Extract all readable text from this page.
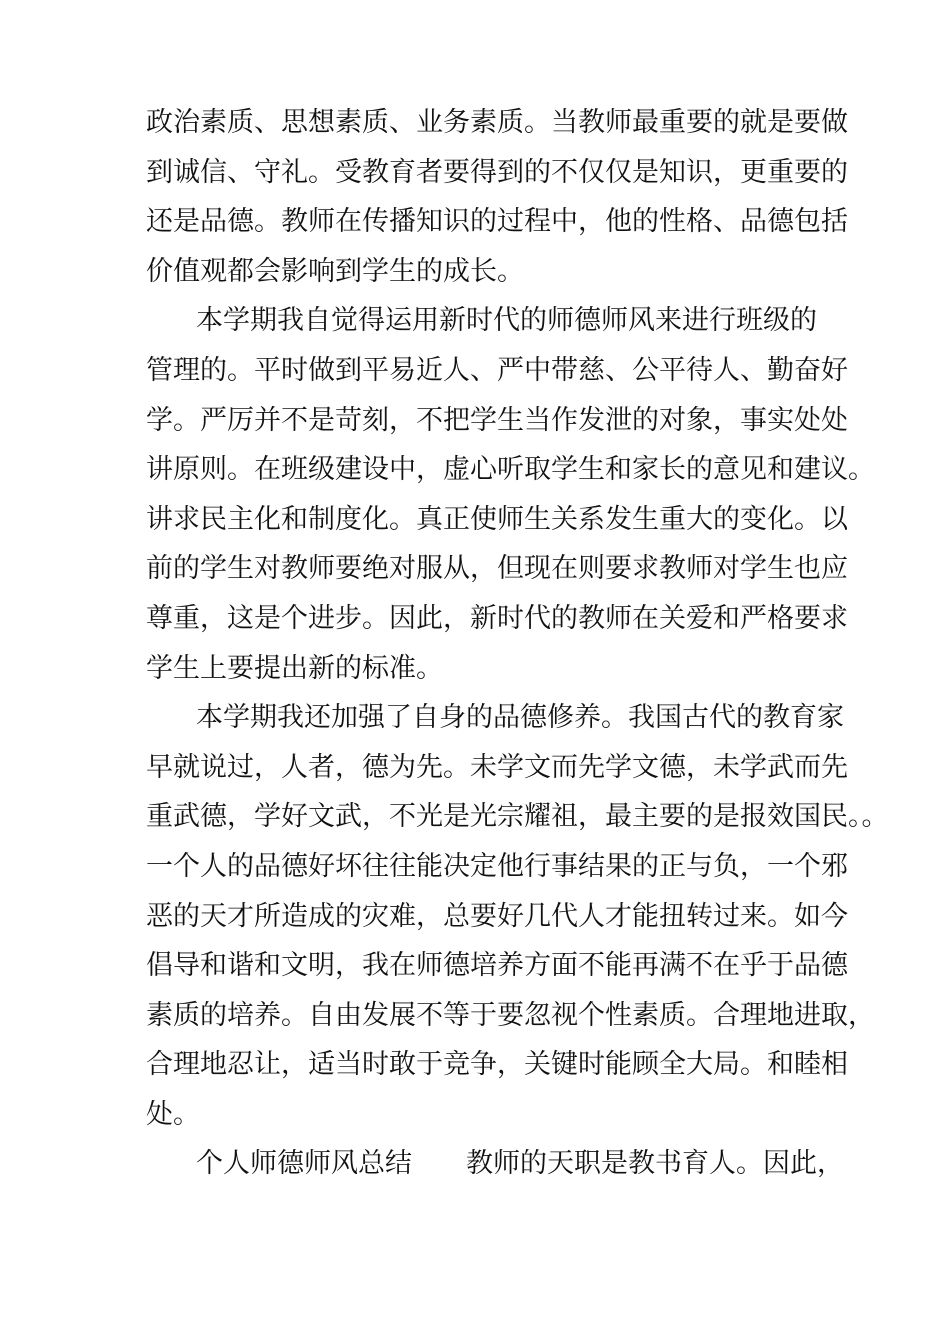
政治素质、思想素质、业务素质。当教师最重要的就是要做
到诚信、守礼。受教育者要得到的不仅仅是知识，更重要的
还是品德。教师在传播知识的过程中，他的性格、品德包括
价值观都会影响到学生的成长。
本学期我自觉得运用新时代的师德师风来进行班级的
管理的。平时做到平易近人、严中带慈、公平待人、勤奋好
学。严厉并不是苛刻，不把学生当作发泄的对象，事实处处
讲原则。在班级建设中，虚心听取学生和家长的意见和建议。
讲求民主化和制度化。真正使师生关系发生重大的变化。以
前的学生对教师要绝对服从，但现在则要求教师对学生也应
尊重，这是个进步。因此，新时代的教师在关爱和严格要求
学生上要提出新的标准。
本学期我还加强了自身的品德修养。我国古代的教育家
早就说过，人者，德为先。未学文而先学文德，未学武而先
重武德，学好文武，不光是光宗耀祖，最主要的是报效国民。。
一个人的品德好坏往往能决定他行事结果的正与负，一个邪
恶的天才所造成的灾难，总要好几代人才能扭转过来。如今
倡导和谐和文明，我在师德培养方面不能再满不在乎于品德
素质的培养。自由发展不等于要忽视个性素质。合理地进取，
合理地忍让，适当时敢于竞争，关键时能顾全大局。和睦相
处。
个人师德师风总结　　教师的天职是教书育人。因此，
